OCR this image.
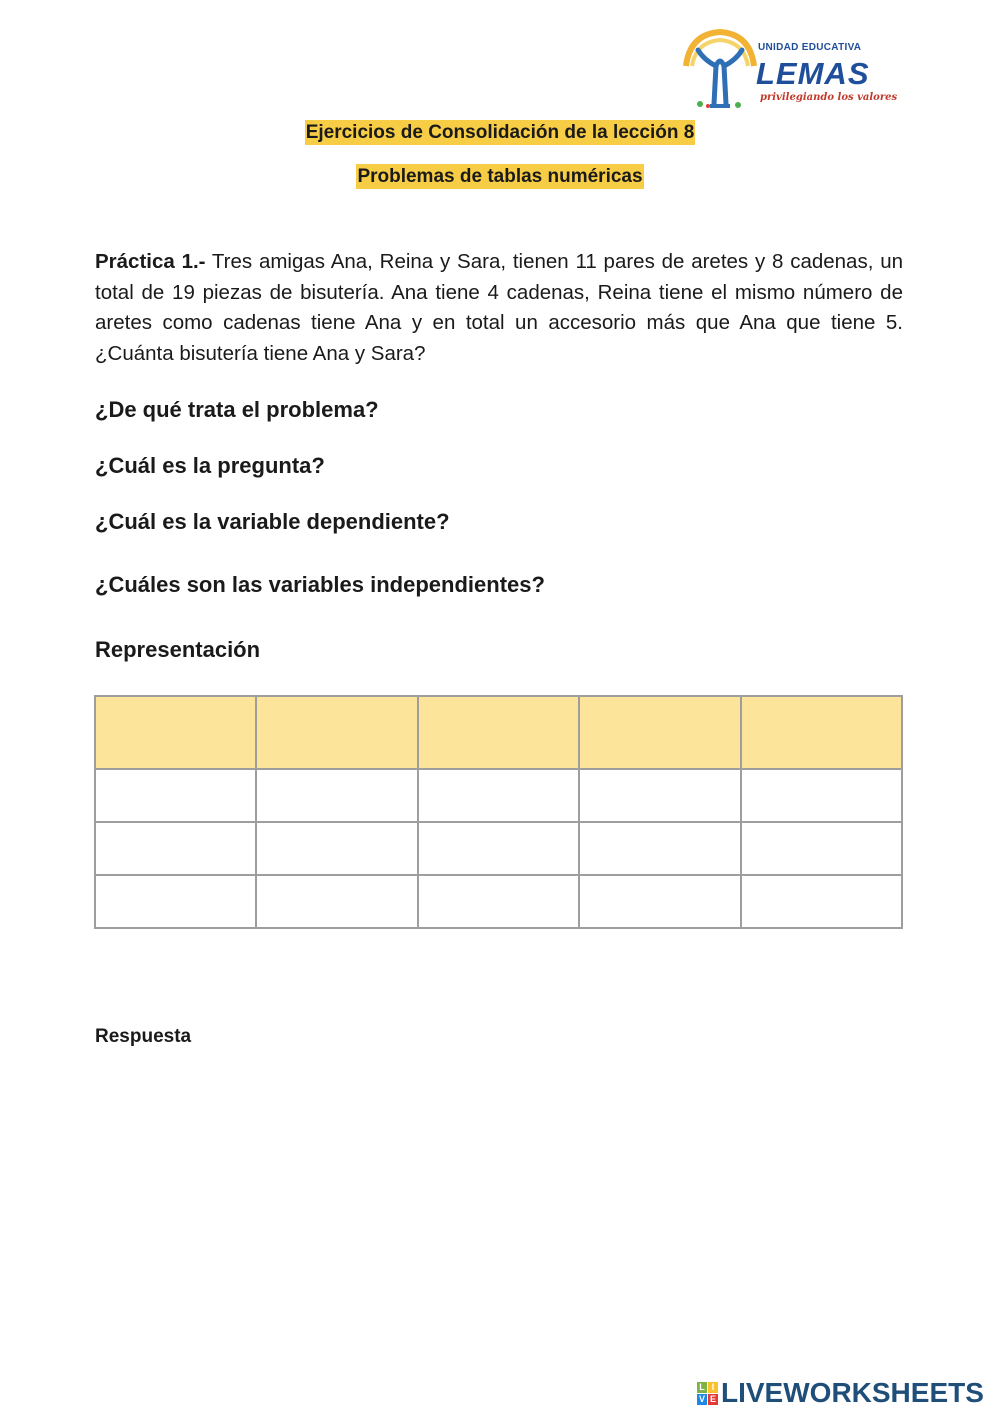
UNIDAD EDUCATIVA
LEMAS
privilegiando los valores
Ejercicios de Consolidación de la lección 8
Problemas de tablas numéricas
Práctica 1.- Tres amigas Ana, Reina y Sara, tienen 11 pares de aretes y 8 cadenas, un total de 19 piezas de bisutería. Ana tiene 4 cadenas, Reina tiene el mismo número de aretes como cadenas tiene Ana y en total un accesorio más que Ana que tiene 5. ¿Cuánta bisutería tiene Ana y Sara?
¿De qué trata el problema?
¿Cuál es la pregunta?
¿Cuál es la variable dependiente?
¿Cuáles son las variables independientes?
Representación

Respuesta
L I
V E LIVEWORKSHEETS
